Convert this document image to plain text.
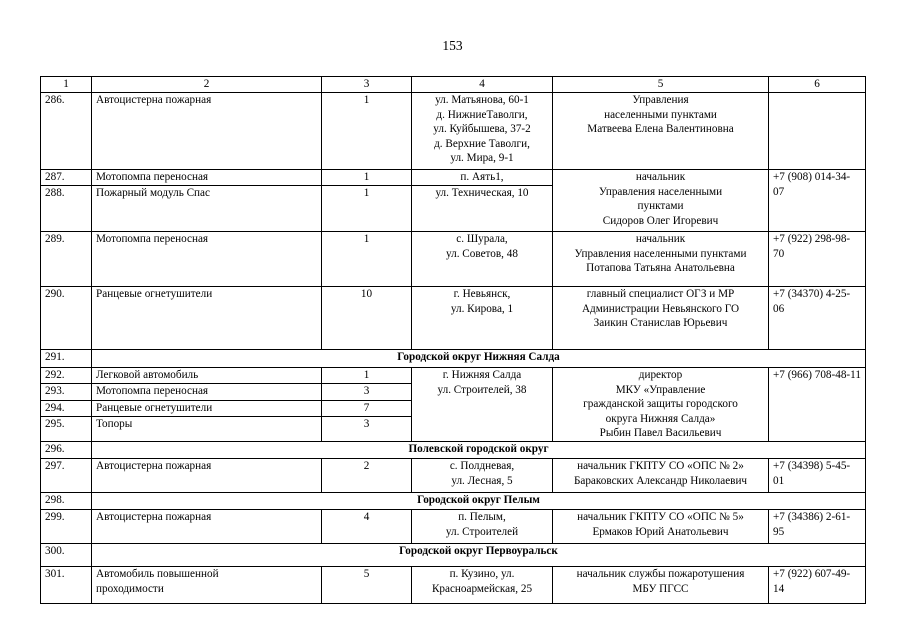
153
1	2	3	4	5	6
286.	Автоцистерна пожарная	1	ул. Матьянова, 60-1
д. НижниеТаволги,
ул. Куйбышева, 37-2
д. Верхние Таволги,
ул. Мира, 9-1	Управления
населенными пунктами
Матвеева Елена Валентиновна	

287.	Мотопомпа переносная	1	п. Аять1,	начальник
Управления населенными
пунктами
Сидоров Олег Игоревич	+7 (908) 014-34-07
288.	Пожарный модуль Спас	1	ул. Техническая, 10		
289.	Мотопомпа переносная	1	с. Шурала,
ул. Советов, 48	начальник
Управления населенными пунктами
Потапова Татьяна Анатольевна	+7 (922) 298-98-70
290.	Ранцевые огнетушители	10	г. Невьянск,
ул. Кирова, 1	главный специалист ОГЗ и МР
Администрации Невьянского ГО
Заикин Станислав Юрьевич	+7 (34370) 4-25-06
291.	Городской округ Нижняя Салда				
292.	Легковой автомобиль	1	г. Нижняя Салда
ул. Строителей, 38	директор
МКУ «Управление
гражданской защиты городского
округа Нижняя Салда»
Рыбин Павел Васильевич	+7 (966) 708-48-11
293.	Мотопомпа переносная	3			
294.	Ранцевые огнетушители	7			
295.	Топоры	3			
296.	Полевской городской округ				
297.	Автоцистерна пожарная	2	с. Полдневая,
ул. Лесная, 5	начальник ГКПТУ СО «ОПС № 2»
Бараковских Александр Николаевич	+7 (34398) 5-45-01
298.	Городской округ Пелым				
299.	Автоцистерна пожарная	4	п. Пелым,
ул. Строителей	начальник ГКПТУ СО «ОПС № 5»
Ермаков Юрий Анатольевич	+7 (34386) 2-61-95
300.	Городской округ Первоуральск				
301.	Автомобиль повышенной
проходимости	5	п. Кузино, ул.
Красноармейская, 25	начальник службы пожаротушения
МБУ ПГСС	+7 (922) 607-49-14
